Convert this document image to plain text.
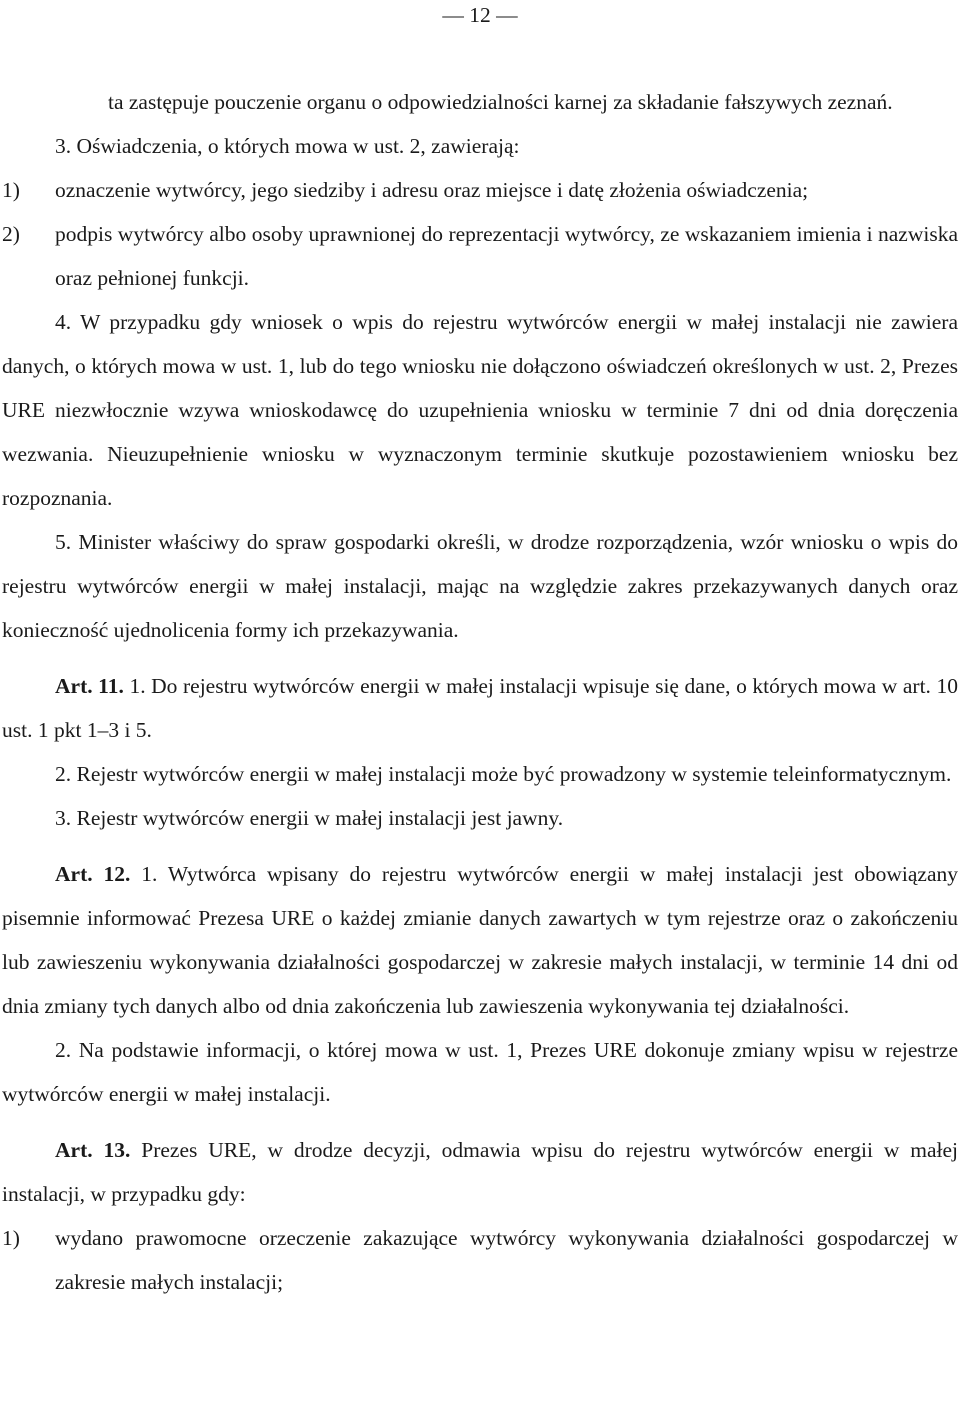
— 12 —

ta zastępuje pouczenie organu o odpowiedzialności karnej za składanie fałszywych zeznań.

3. Oświadczenia, o których mowa w ust. 2, zawierają:

1)	oznaczenie wytwórcy, jego siedziby i adresu oraz miejsce i datę złożenia oświadczenia;
2)	podpis wytwórcy albo osoby uprawnionej do reprezentacji wytwórcy, ze wskazaniem imienia i nazwiska oraz pełnionej funkcji.

4. W przypadku gdy wniosek o wpis do rejestru wytwórców energii w małej instalacji nie zawiera danych, o których mowa w ust. 1, lub do tego wniosku nie dołączono oświadczeń określonych w ust. 2, Prezes URE niezwłocznie wzywa wnioskodawcę do uzupełnienia wniosku w terminie 7 dni od dnia doręczenia wezwania. Nieuzupełnienie wniosku w wyznaczonym terminie skutkuje pozostawieniem wniosku bez rozpoznania.

5. Minister właściwy do spraw gospodarki określi, w drodze rozporządzenia, wzór wniosku o wpis do rejestru wytwórców energii w małej instalacji, mając na względzie zakres przekazywanych danych oraz konieczność ujednolicenia formy ich przekazywania.

Art. 11. 1. Do rejestru wytwórców energii w małej instalacji wpisuje się dane, o których mowa w art. 10 ust. 1 pkt 1–3 i 5.

2. Rejestr wytwórców energii w małej instalacji może być prowadzony w systemie teleinformatycznym.

3. Rejestr wytwórców energii w małej instalacji jest jawny.

Art. 12. 1. Wytwórca wpisany do rejestru wytwórców energii w małej instalacji jest obowiązany pisemnie informować Prezesa URE o każdej zmianie danych zawartych w tym rejestrze oraz o zakończeniu lub zawieszeniu wykonywania działalności gospodarczej w zakresie małych instalacji, w terminie 14 dni od dnia zmiany tych danych albo od dnia zakończenia lub zawieszenia wykonywania tej działalności.

2. Na podstawie informacji, o której mowa w ust. 1, Prezes URE dokonuje zmiany wpisu w rejestrze wytwórców energii w małej instalacji.

Art. 13. Prezes URE, w drodze decyzji, odmawia wpisu do rejestru wytwórców energii w małej instalacji, w przypadku gdy:

1)	wydano prawomocne orzeczenie zakazujące wytwórcy wykonywania działalności gospodarczej w zakresie małych instalacji;
